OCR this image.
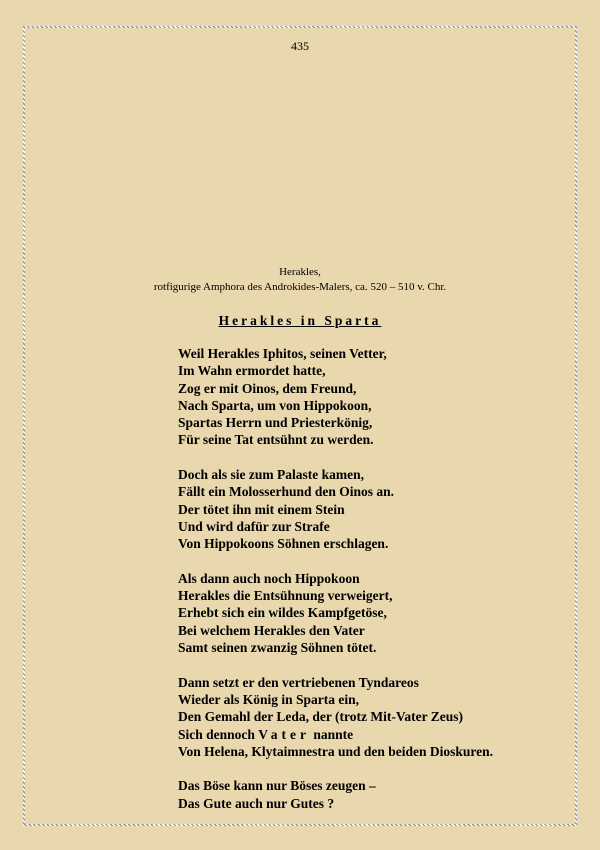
435
Herakles,
rotfigurige Amphora des Androkides-Malers, ca. 520 – 510 v. Chr.
Herakles in Sparta
Weil Herakles Iphitos, seinen Vetter,
Im Wahn ermordet hatte,
Zog er mit Oinos, dem Freund,
Nach Sparta, um von Hippokoon,
Spartas Herrn und Priesterkönig,
Für seine Tat entsühnt zu werden.
Doch als sie zum Palaste kamen,
Fällt ein Molosserhund den Oinos an.
Der tötet ihn mit einem Stein
Und wird dafür zur Strafe
Von Hippokoons Söhnen erschlagen.
Als dann auch noch Hippokoon
Herakles die Entsühnung verweigert,
Erhebt sich ein wildes Kampfgetöse,
Bei welchem Herakles den Vater
Samt seinen zwanzig Söhnen tötet.
Dann setzt er den vertriebenen Tyndareos
Wieder als König in Sparta ein,
Den Gemahl der Leda, der (trotz Mit-Vater Zeus)
Sich dennoch Vater nannte
Von Helena, Klytaimnestra und den beiden Dioskuren.
Das Böse kann nur Böses zeugen –
Das Gute auch nur Gutes ?
